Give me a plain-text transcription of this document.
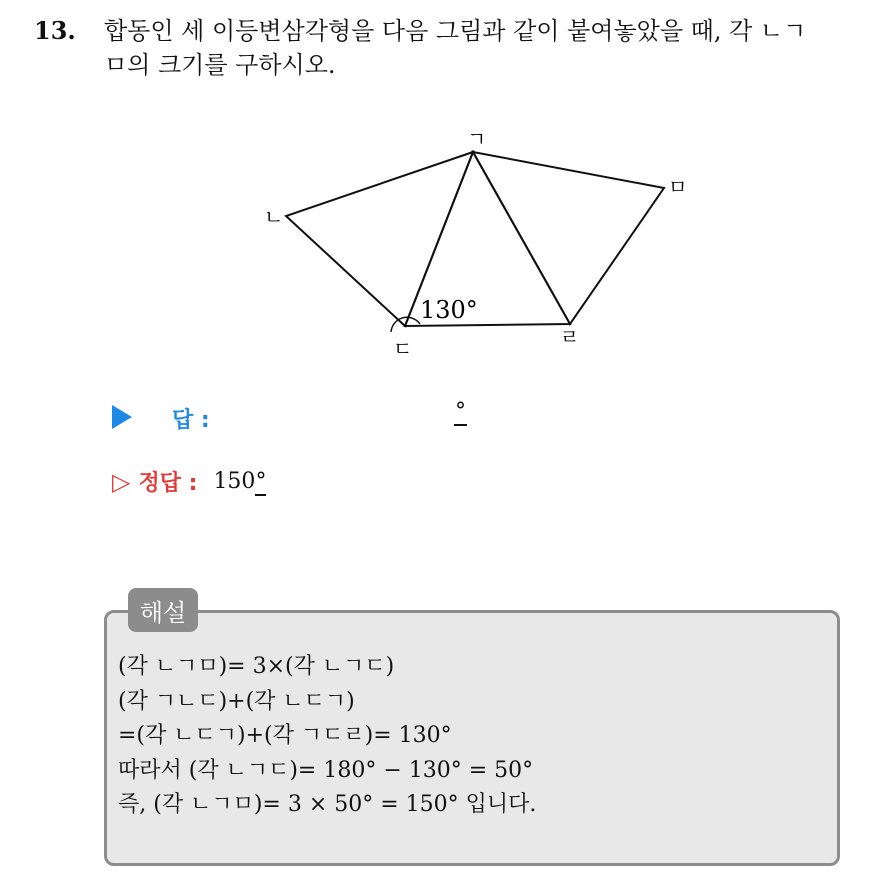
13. 합동인 세 이등변삼각형을 다음 그림과 같이 붙여놓았을 때, 각 ㄴㄱ
ㅁ의 크기를 구하시오.
ㄱ
ㄴ
ㄷ	ㄹ
ㅁ
130°
답 :	°
▷ 정답 : 150°
해설
(각 ㄴㄱㅁ)= 3×(각 ㄴㄱㄷ)
(각 ㄱㄴㄷ)+(각 ㄴㄷㄱ)
=(각 ㄴㄷㄱ)+(각 ㄱㄷㄹ)= 130°
따라서 (각 ㄴㄱㄷ)= 180° − 130° = 50°
즉, (각 ㄴㄱㅁ)= 3 × 50° = 150° 입니다.
